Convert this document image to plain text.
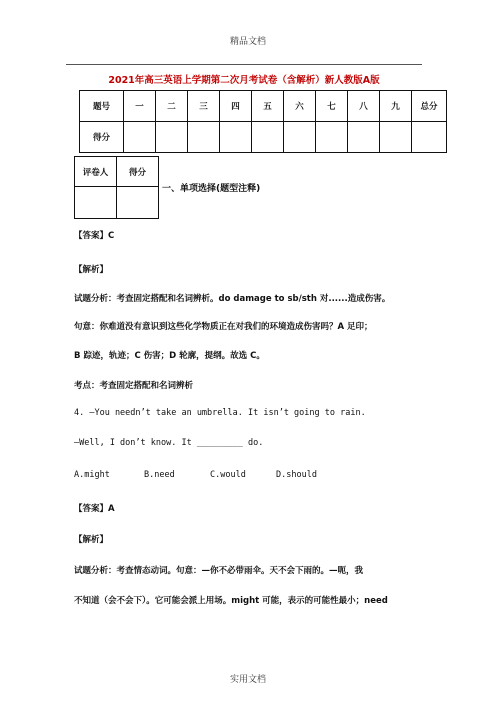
精品文档
2021年高三英语上学期第二次月考试卷（含解析）新人教版A版
题号	一	二	三	四	五	六	七	八	九	总分
得分										
评卷人	得分

一、单项选择(题型注释)
【答案】C
【解析】
试题分析：考查固定搭配和名词辨析。do damage to sb/sth 对......造成伤害。
句意：你难道没有意识到这些化学物质正在对我们的环境造成伤害吗？A 足印；
B 踪迹，轨迹；C 伤害；D 轮廓，提纲。故选 C。
考点：考查固定搭配和名词辨析
4. —You needn’t take an umbrella. It isn’t going to rain.
—Well, I don’t know. It _________ do.
A.might	B.need	C.would	D.should
【答案】A
【解析】
试题分析：考查情态动词。句意：—你不必带雨伞。天不会下雨的。—呃，我
不知道（会不会下）。它可能会派上用场。might 可能，表示的可能性最小；need
实用文档
